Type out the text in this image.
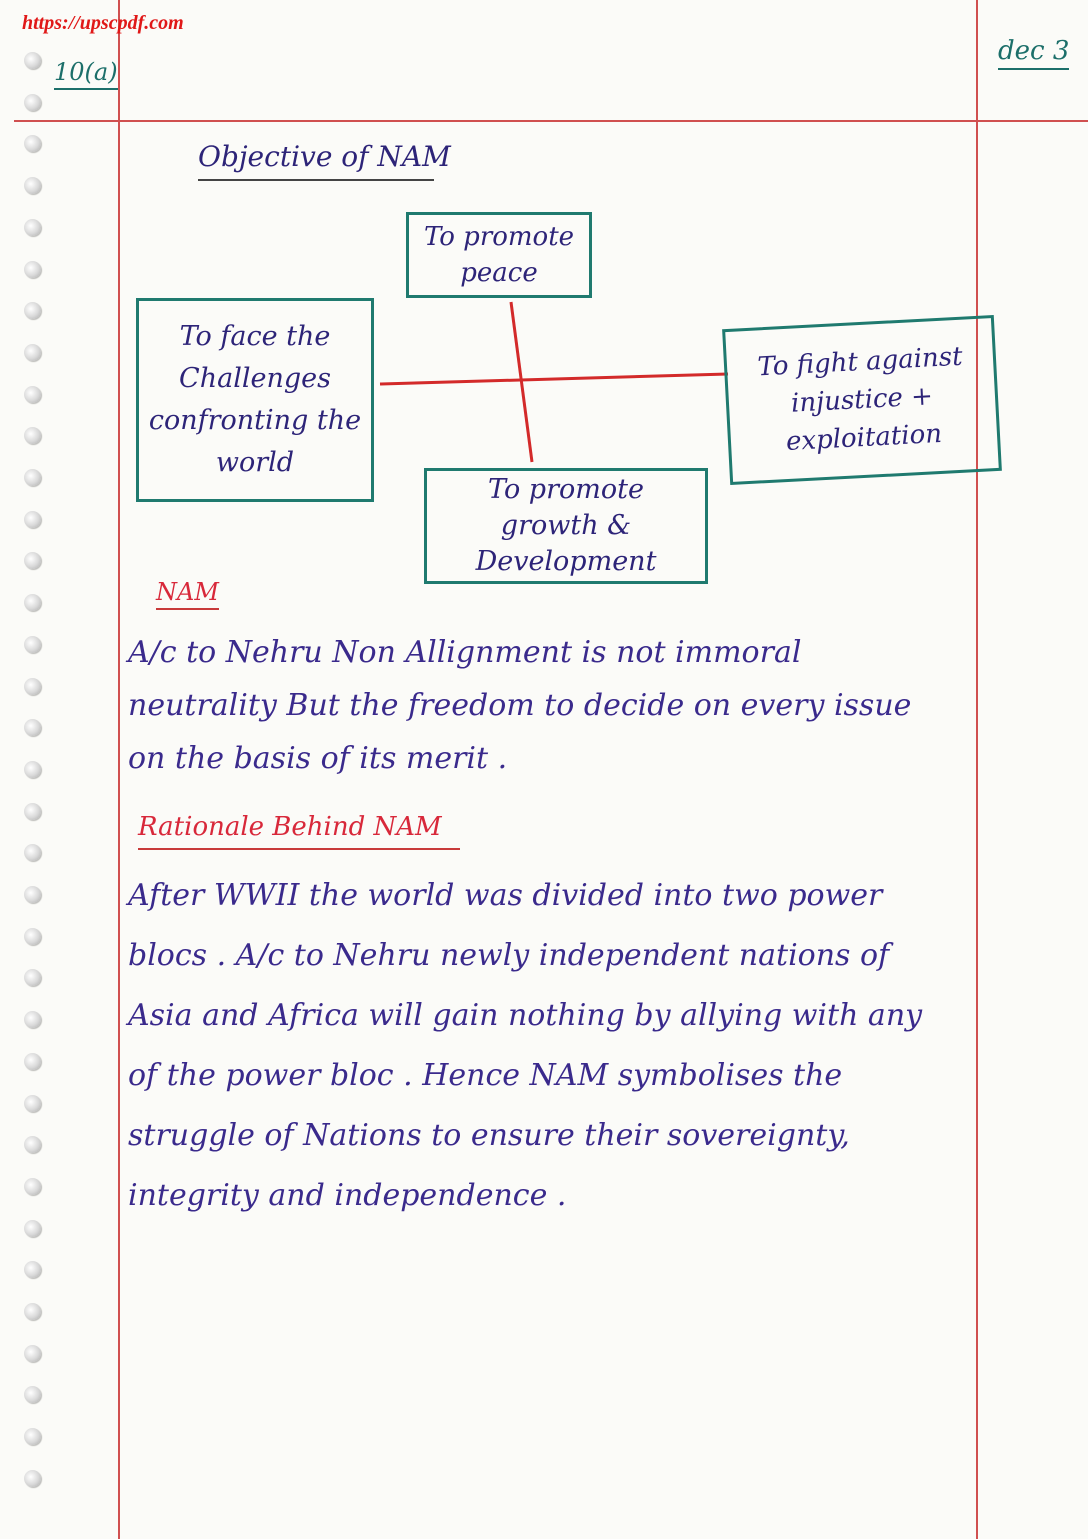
https://upscpdf.com
10(a)
dec 3
Objective of NAM
To promote peace
To face the Challenges confronting the world
To fight against injustice + exploitation
To promote growth & Development
NAM
A/c to Nehru Non Allignment is not immoral neutrality But the freedom to decide on every issue on the basis of its merit .
Rationale Behind NAM
After WWII the world was divided into two power blocs . A/c to Nehru newly independent nations of Asia and Africa will gain nothing by allying with any of the power bloc . Hence NAM symbolises the struggle of Nations to ensure their sovereignty, integrity and independence .
